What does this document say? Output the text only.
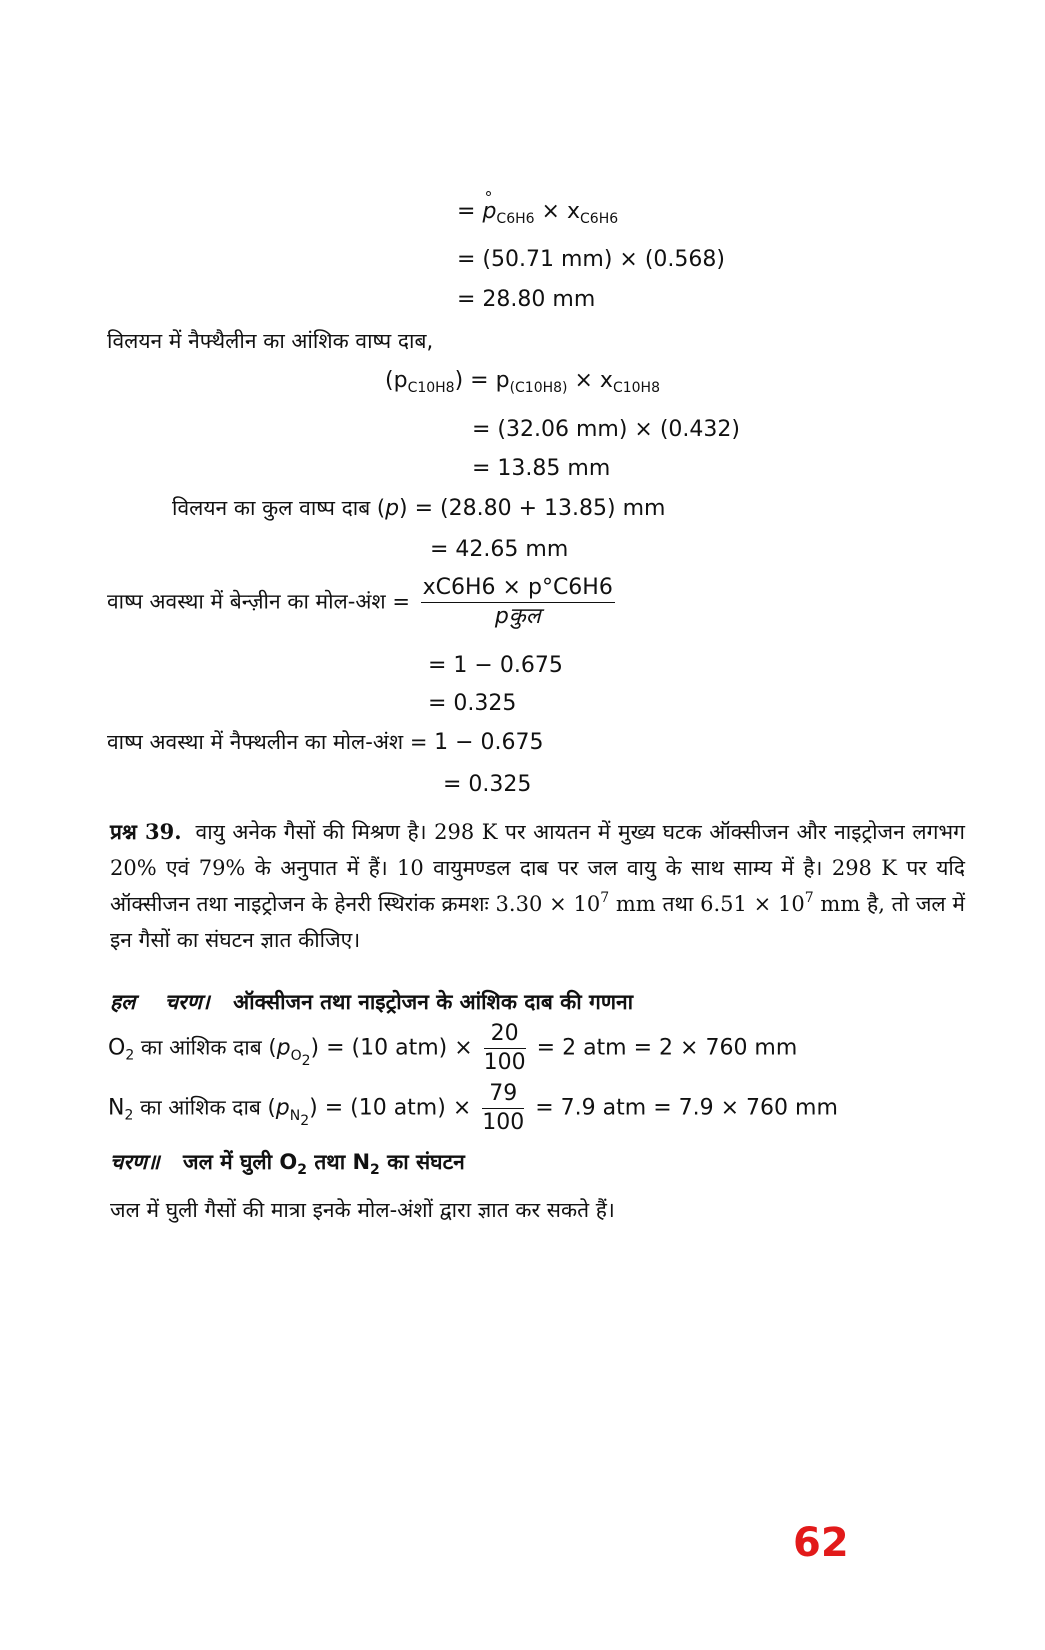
= ° $p_{C6H6} \times x_{C6H6}$
= (50.71 mm) × (0.568)
= 28.80 mm
विलयन में नैफ्थैलीन का आंशिक वाष्प दाब,
$(p_{C10H8}) = p_{(C10H8)} \times x_{C10H8}$
= (32.06 mm) × (0.432)
= 13.85 mm
विलयन का कुल वाष्प दाब (p) = (28.80 + 13.85) mm
= 42.65 mm
वाष्प अवस्था में बेन्ज़ीन का मोल-अंश = $\frac{xC6H6 \times p^\circ C6H6}{\text{pकुल}}$
= 1 − 0.675
= 0.325
वाष्प अवस्था में नैफ्थलीन का मोल-अंश = 1 − 0.675
= 0.325
प्रश्न 39. वायु अनेक गैसों की मिश्रण है। 298 K पर आयतन में मुख्य घटक ऑक्सीजन और नाइट्रोजन लगभग 20% एवं 79% के अनुपात में हैं। 10 वायुमण्डल दाब पर जल वायु के साथ साम्य में है। 298 K पर यदि ऑक्सीजन तथा नाइट्रोजन के हेनरी स्थिरांक क्रमशः $3.30 \times 10^7$ mm तथा $6.51 \times 10^7$ mm है, तो जल में इन गैसों का संघटन ज्ञात कीजिए।
हल चरण। ऑक्सीजन तथा नाइट्रोजन के आंशिक दाब की गणना
$O_2$ का आंशिक दाब $(p_{O_2}) = (10$ $atm) \times \frac{20}{100} = 2$ atm = 2 × 760 mm
$N_2$ का आंशिक दाब $(p_{N_2}) = (10$ $atm) \times \frac{79}{100} = 7.9$ atm = 7.9 × 760 mm
चरण॥ जल में घुली $O_2$ तथा $N_2$ का संघटन
जल में घुली गैसों की मात्रा इनके मोल-अंशों द्वारा ज्ञात कर सकते हैं।
62
